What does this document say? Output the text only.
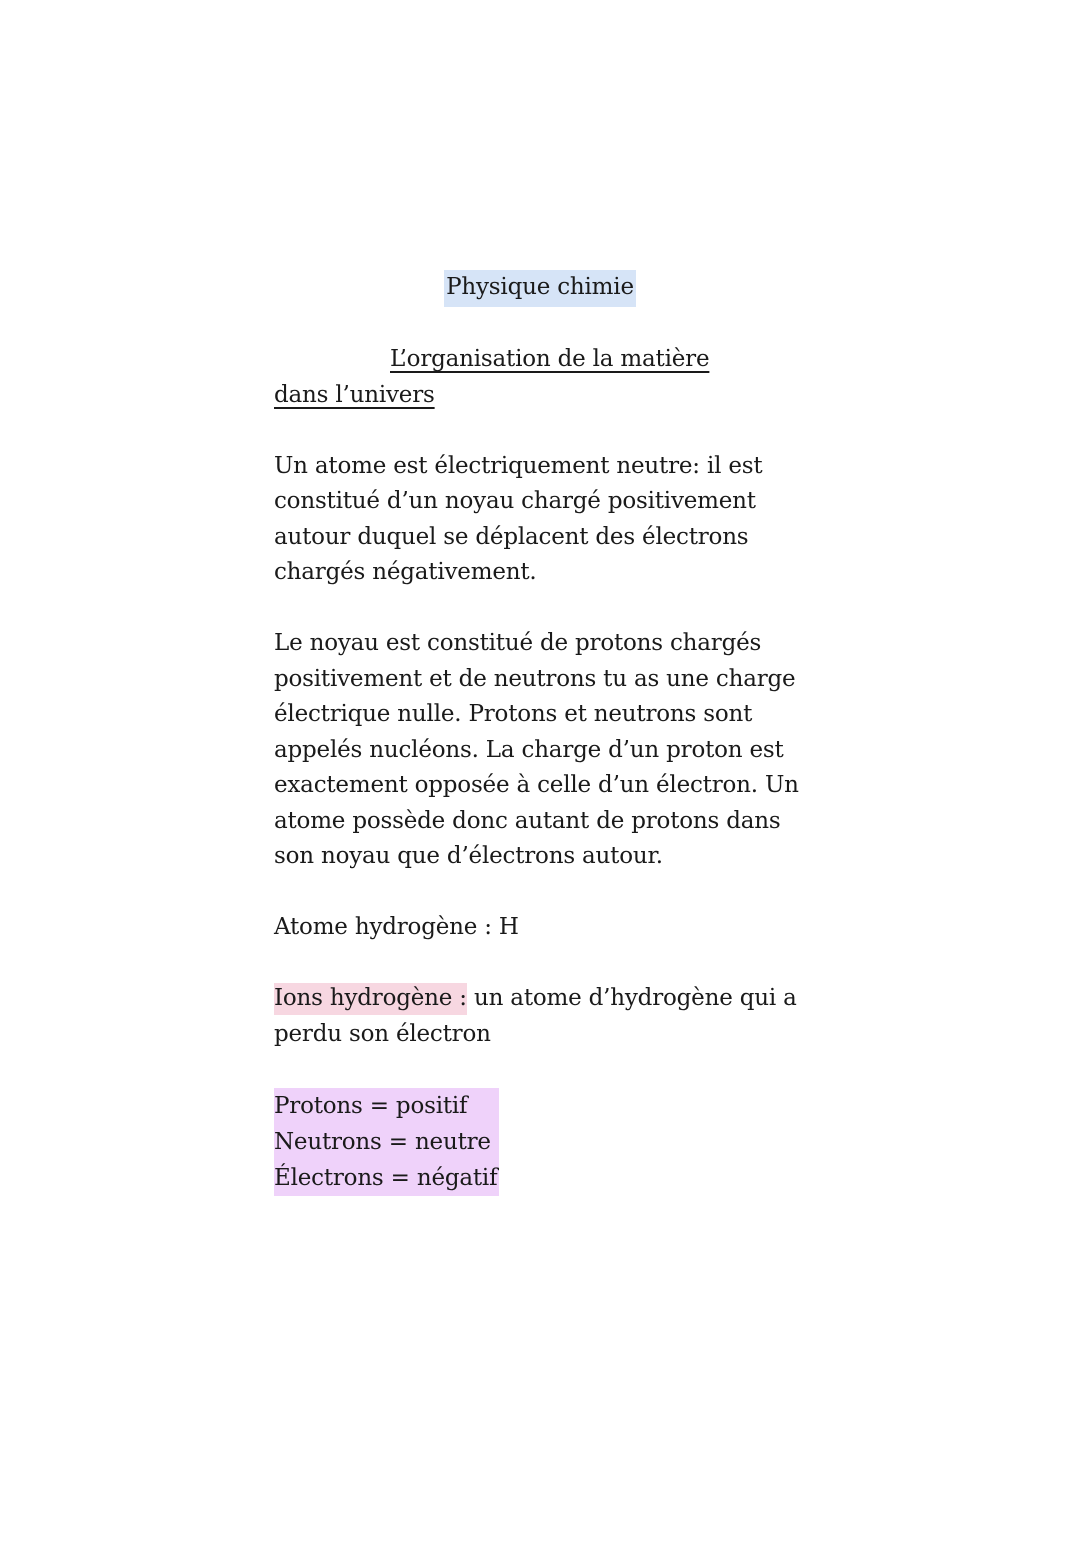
Physique chimie
L’organisation de la matière dans l’univers

Un atome est électriquement neutre: il est constitué d’un noyau chargé positivement autour duquel se déplacent des électrons chargés négativement.

Le noyau est constitué de protons chargés positivement et de neutrons tu as une charge électrique nulle. Protons et neutrons sont appelés nucléons. La charge d’un proton est exactement opposée à celle d’un électron. Un atome possède donc autant de protons dans son noyau que d’électrons autour.

Atome hydrogène : H

Ions hydrogène : un atome d’hydrogène qui a perdu son électron

Protons = positif
Neutrons = neutre
Électrons = négatif
